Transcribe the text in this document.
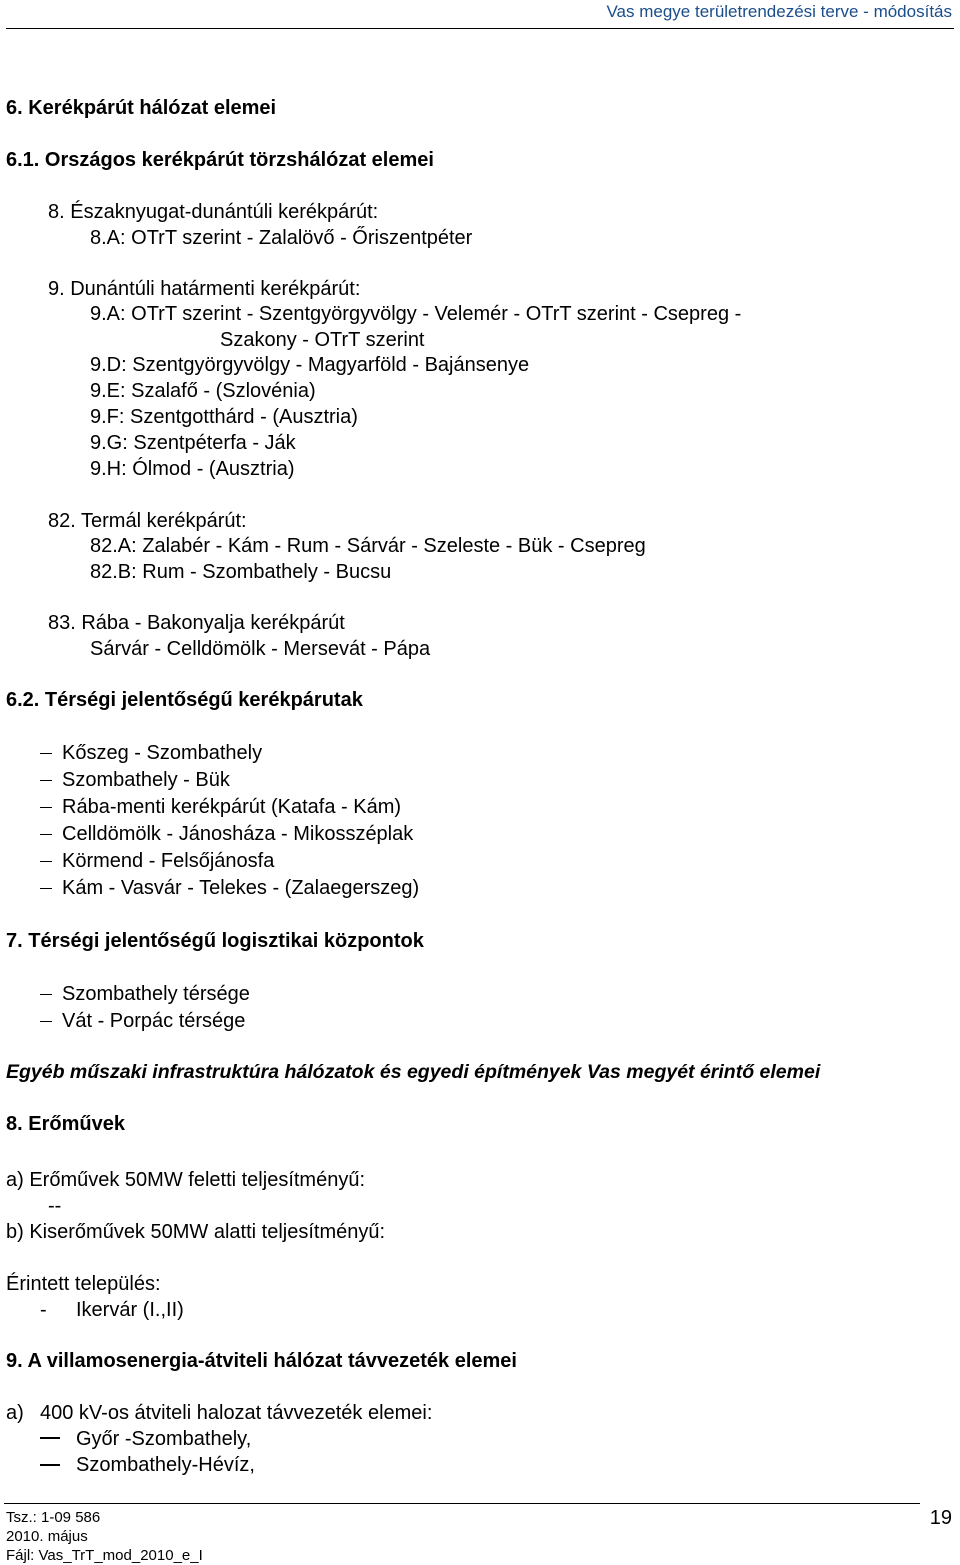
Vas megye területrendezési terve - módosítás
6. Kerékpárút hálózat elemei
6.1. Országos kerékpárút törzshálózat elemei
8. Északnyugat-dunántúli kerékpárút:
8.A: OTrT szerint - Zalalövő - Őriszentpéter
9. Dunántúli határmenti kerékpárút:
9.A: OTrT szerint - Szentgyörgyvölgy - Velemér - OTrT szerint - Csepreg -
Szakony - OTrT szerint
9.D: Szentgyörgyvölgy - Magyarföld - Bajánsenye
9.E: Szalafő - (Szlovénia)
9.F: Szentgotthárd - (Ausztria)
9.G: Szentpéterfa - Ják
9.H: Ólmod - (Ausztria)
82. Termál kerékpárút:
82.A: Zalabér - Kám - Rum - Sárvár - Szeleste - Bük - Csepreg
82.B: Rum - Szombathely - Bucsu
83. Rába - Bakonyalja kerékpárút
Sárvár - Celldömölk - Mersevát - Pápa
6.2. Térségi jelentőségű kerékpárutak
Kőszeg - Szombathely
Szombathely - Bük
Rába-menti kerékpárút (Katafa - Kám)
Celldömölk - Jánosháza - Mikosszéplak
Körmend - Felsőjánosfa
Kám - Vasvár - Telekes - (Zalaegerszeg)
7. Térségi jelentőségű logisztikai központok
Szombathely térsége
Vát - Porpác térsége
Egyéb műszaki infrastruktúra hálózatok és egyedi építmények Vas megyét érintő elemei
8. Erőművek
a) Erőművek 50MW feletti teljesítményű:
--
b) Kiserőművek 50MW alatti teljesítményű:
Érintett település:
- Ikervár (I.,II)
9. A villamosenergia-átviteli hálózat távvezeték elemei
a) 400 kV-os átviteli halozat távvezeték elemei:
Győr -Szombathely,
Szombathely-Hévíz,
Tsz.: 1-09 586
2010. május
Fájl: Vas_TrT_mod_2010_e_I
19
